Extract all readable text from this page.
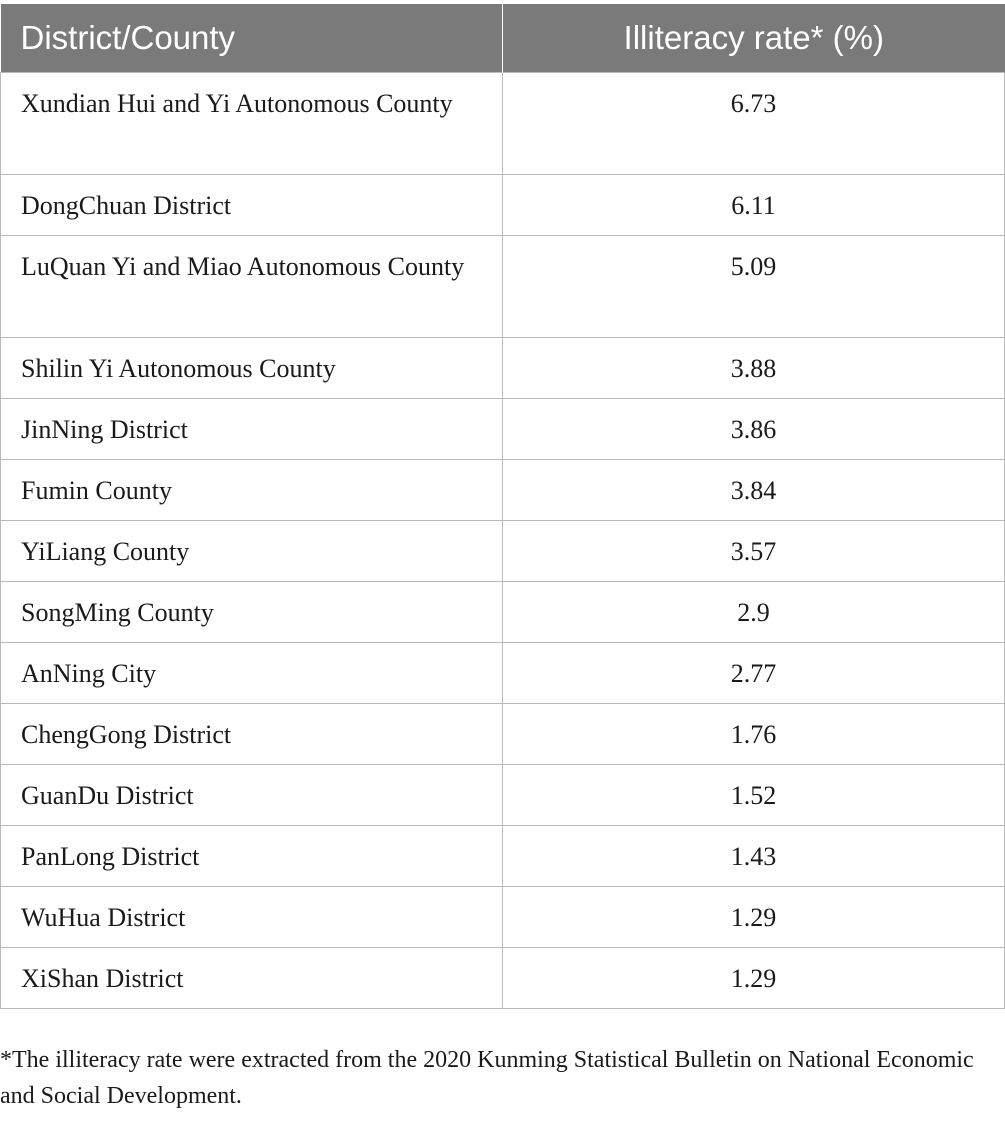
District/County	Illiteracy rate* (%)
Xundian Hui and Yi Autonomous County	6.73
DongChuan District	6.11
LuQuan Yi and Miao Autonomous County	5.09
Shilin Yi Autonomous County	3.88
JinNing District	3.86
Fumin County	3.84
YiLiang County	3.57
SongMing County	2.9
AnNing City	2.77
ChengGong District	1.76
GuanDu District	1.52
PanLong District	1.43
WuHua District	1.29
XiShan District	1.29

*The illiteracy rate were extracted from the 2020 Kunming Statistical Bulletin on National Economic and Social Development.
